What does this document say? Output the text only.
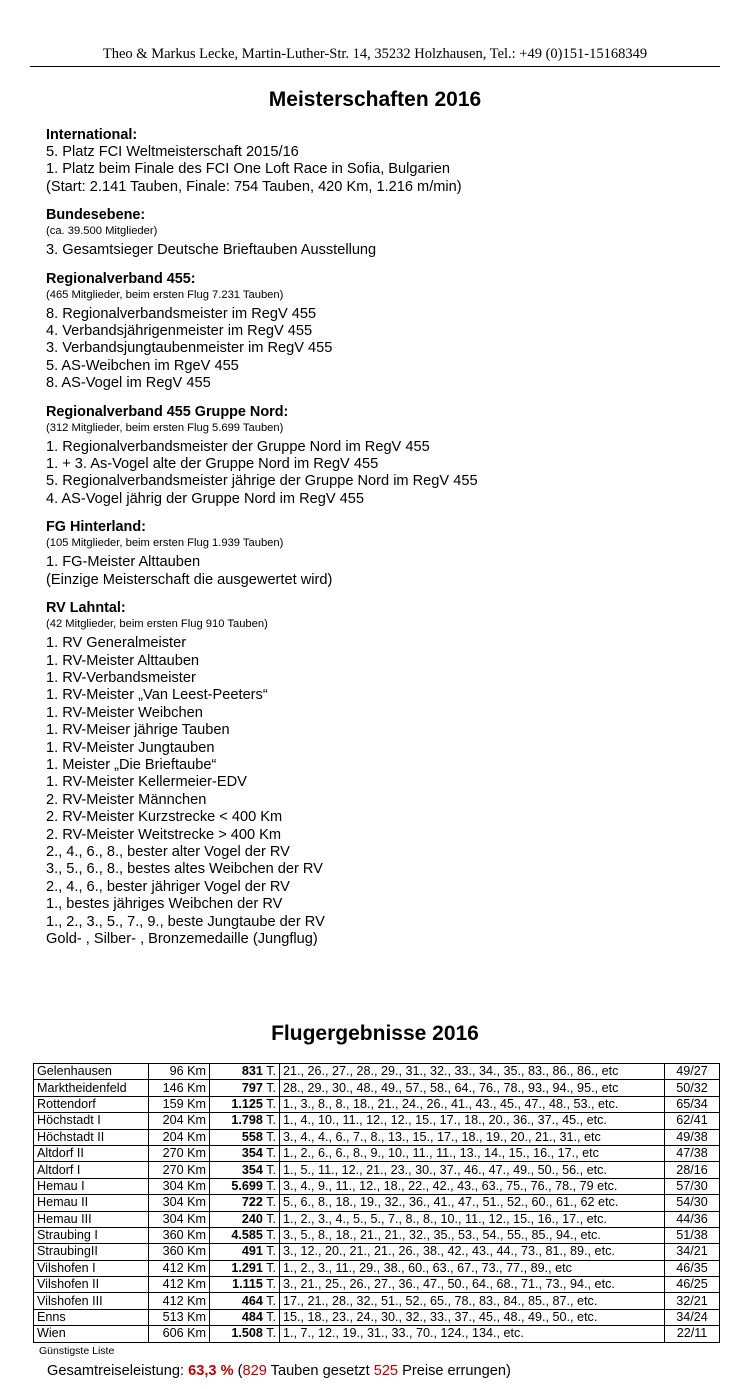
Theo & Markus Lecke, Martin-Luther-Str. 14, 35232 Holzhausen, Tel.: +49 (0)151-15168349
Meisterschaften 2016
International:
5. Platz FCI Weltmeisterschaft 2015/16
1. Platz beim Finale des FCI One Loft Race in Sofia, Bulgarien
(Start: 2.141 Tauben, Finale: 754 Tauben, 420 Km, 1.216 m/min)
Bundesebene:
(ca. 39.500 Mitglieder)
3. Gesamtsieger Deutsche Brieftauben Ausstellung
Regionalverband 455:
(465 Mitglieder, beim ersten Flug 7.231 Tauben)
8. Regionalverbandsmeister im RegV 455
4. Verbandsjährigenmeister im RegV 455
3. Verbandsjungtaubenmeister im RegV 455
5. AS-Weibchen im RgeV 455
8. AS-Vogel im RegV 455
Regionalverband 455 Gruppe Nord:
(312 Mitglieder, beim ersten Flug 5.699 Tauben)
1. Regionalverbandsmeister der Gruppe Nord im RegV 455
1. + 3. As-Vogel alte der Gruppe Nord im RegV 455
5. Regionalverbandsmeister jährige der Gruppe Nord im RegV 455
4. AS-Vogel jährig der Gruppe Nord im RegV 455
FG Hinterland:
(105 Mitglieder, beim ersten Flug 1.939 Tauben)
1. FG-Meister Alttauben
(Einzige Meisterschaft die ausgewertet wird)
RV Lahntal:
(42 Mitglieder, beim ersten Flug 910 Tauben)
1. RV Generalmeister
1. RV-Meister Alttauben
1. RV-Verbandsmeister
1. RV-Meister „Van Leest-Peeters“
1. RV-Meister Weibchen
1. RV-Meiser jährige Tauben
1. RV-Meister Jungtauben
1. Meister „Die Brieftaube“
1. RV-Meister Kellermeier-EDV
2. RV-Meister Männchen
2. RV-Meister Kurzstrecke < 400 Km
2. RV-Meister Weitstrecke > 400 Km
2., 4., 6., 8., bester alter Vogel der RV
3., 5., 6., 8., bestes altes Weibchen der RV
2., 4., 6., bester jähriger Vogel der RV
1., bestes jähriges Weibchen der RV
1., 2., 3., 5., 7., 9., beste Jungtaube der RV
Gold- , Silber- , Bronzemedaille (Jungflug)
Flugergebnisse 2016
Gelenhausen	96 Km	831 T.	21., 26., 27., 28., 29., 31., 32., 33., 34., 35., 83., 86., 86., etc	49/27
Marktheidenfeld	146 Km	797 T.	28., 29., 30., 48., 49., 57., 58., 64., 76., 78., 93., 94., 95., etc	50/32
Rottendorf	159 Km	1.125 T.	1., 3., 8., 8., 18., 21., 24., 26., 41., 43., 45., 47., 48., 53., etc.	65/34
Höchstadt I	204 Km	1.798 T.	1., 4., 10., 11., 12., 12., 15., 17., 18., 20., 36., 37., 45., etc.	62/41
Höchstadt II	204 Km	558 T.	3., 4., 4., 6., 7., 8., 13., 15., 17., 18., 19., 20., 21., 31., etc	49/38
Altdorf II	270 Km	354 T.	1., 2., 6., 6., 8., 9., 10., 11., 11., 13., 14., 15., 16., 17., etc	47/38
Altdorf I	270 Km	354 T.	1., 5., 11., 12., 21., 23., 30., 37., 46., 47., 49., 50., 56., etc.	28/16
Hemau I	304 Km	5.699 T.	3., 4., 9., 11., 12., 18., 22., 42., 43., 63., 75., 76., 78., 79 etc.	57/30
Hemau II	304 Km	722 T.	5., 6., 8., 18., 19., 32., 36., 41., 47., 51., 52., 60., 61., 62 etc.	54/30
Hemau III	304 Km	240 T.	1., 2., 3., 4., 5., 5., 7., 8., 8., 10., 11., 12., 15., 16., 17., etc.	44/36
Straubing I	360 Km	4.585 T.	3., 5., 8., 18., 21., 21., 32., 35., 53., 54., 55., 85., 94., etc.	51/38
StraubingII	360 Km	491 T.	3., 12., 20., 21., 21., 26., 38., 42., 43., 44., 73., 81., 89., etc.	34/21
Vilshofen I	412 Km	1.291 T.	1., 2., 3., 11., 29., 38., 60., 63., 67., 73., 77., 89., etc	46/35
Vilshofen II	412 Km	1.115 T.	3., 21., 25., 26., 27., 36., 47., 50., 64., 68., 71., 73., 94., etc.	46/25
Vilshofen III	412 Km	464 T.	17., 21., 28., 32., 51., 52., 65., 78., 83., 84., 85., 87., etc.	32/21
Enns	513 Km	484 T.	15., 18., 23., 24., 30., 32., 33., 37., 45., 48., 49., 50., etc.	34/24
Wien	606 Km	1.508 T.	1., 7., 12., 19., 31., 33., 70., 124., 134., etc.	22/11
Günstigste Liste
Gesamtreiseleistung: 63,3 % (829 Tauben gesetzt 525 Preise errungen)
